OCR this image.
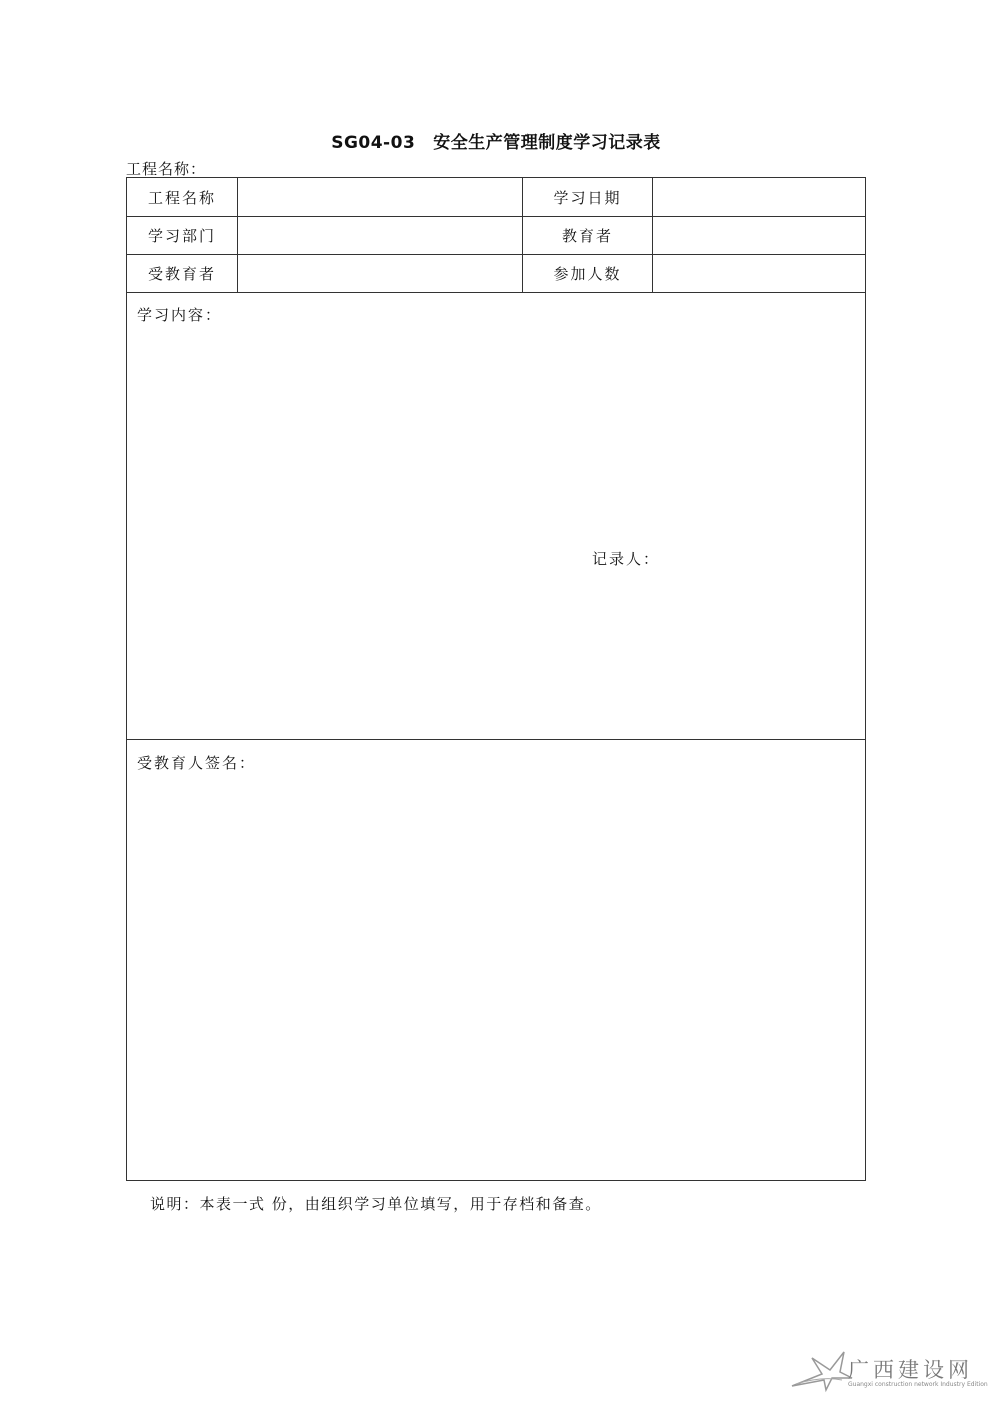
SG04-03 安全生产管理制度学习记录表
工程名称：
工程名称	学习日期
学习部门	教育者
受教育者	参加人数
学习内容：
记录人：
受教育人签名：
说明：本表一式 份，由组织学习单位填写，用于存档和备查。
广西建设网
Guangxi construction network Industry Edition
